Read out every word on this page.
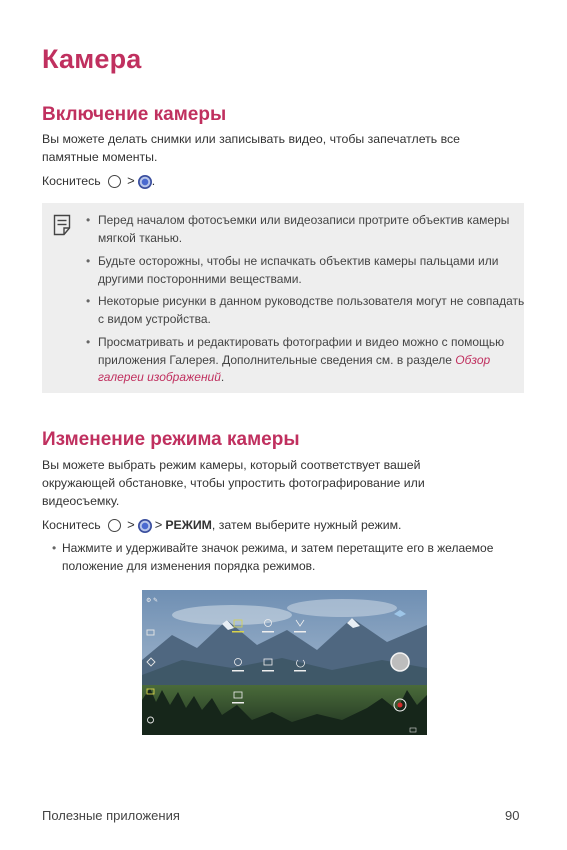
Камера
Включение камеры
Вы можете делать снимки или записывать видео, чтобы запечатлеть все памятные моменты.
Коснитесь > .
• Перед началом фотосъемки или видеозаписи протрите объектив камеры мягкой тканью.
• Будьте осторожны, чтобы не испачкать объектив камеры пальцами или другими посторонними веществами.
• Некоторые рисунки в данном руководстве пользователя могут не совпадать с видом устройства.
• Просматривать и редактировать фотографии и видео можно с помощью приложения Галерея. Дополнительные сведения см. в разделе Обзор галереи изображений.
Изменение режима камеры
Вы можете выбрать режим камеры, который соответствует вашей окружающей обстановке, чтобы упростить фотографирование или видеосъемку.
Коснитесь > > РЕЖИМ, затем выберите нужный режим.
• Нажмите и удерживайте значок режима, и затем перетащите его в желаемое положение для изменения порядка режимов.
⚙ ✎
Полезные приложения	90
